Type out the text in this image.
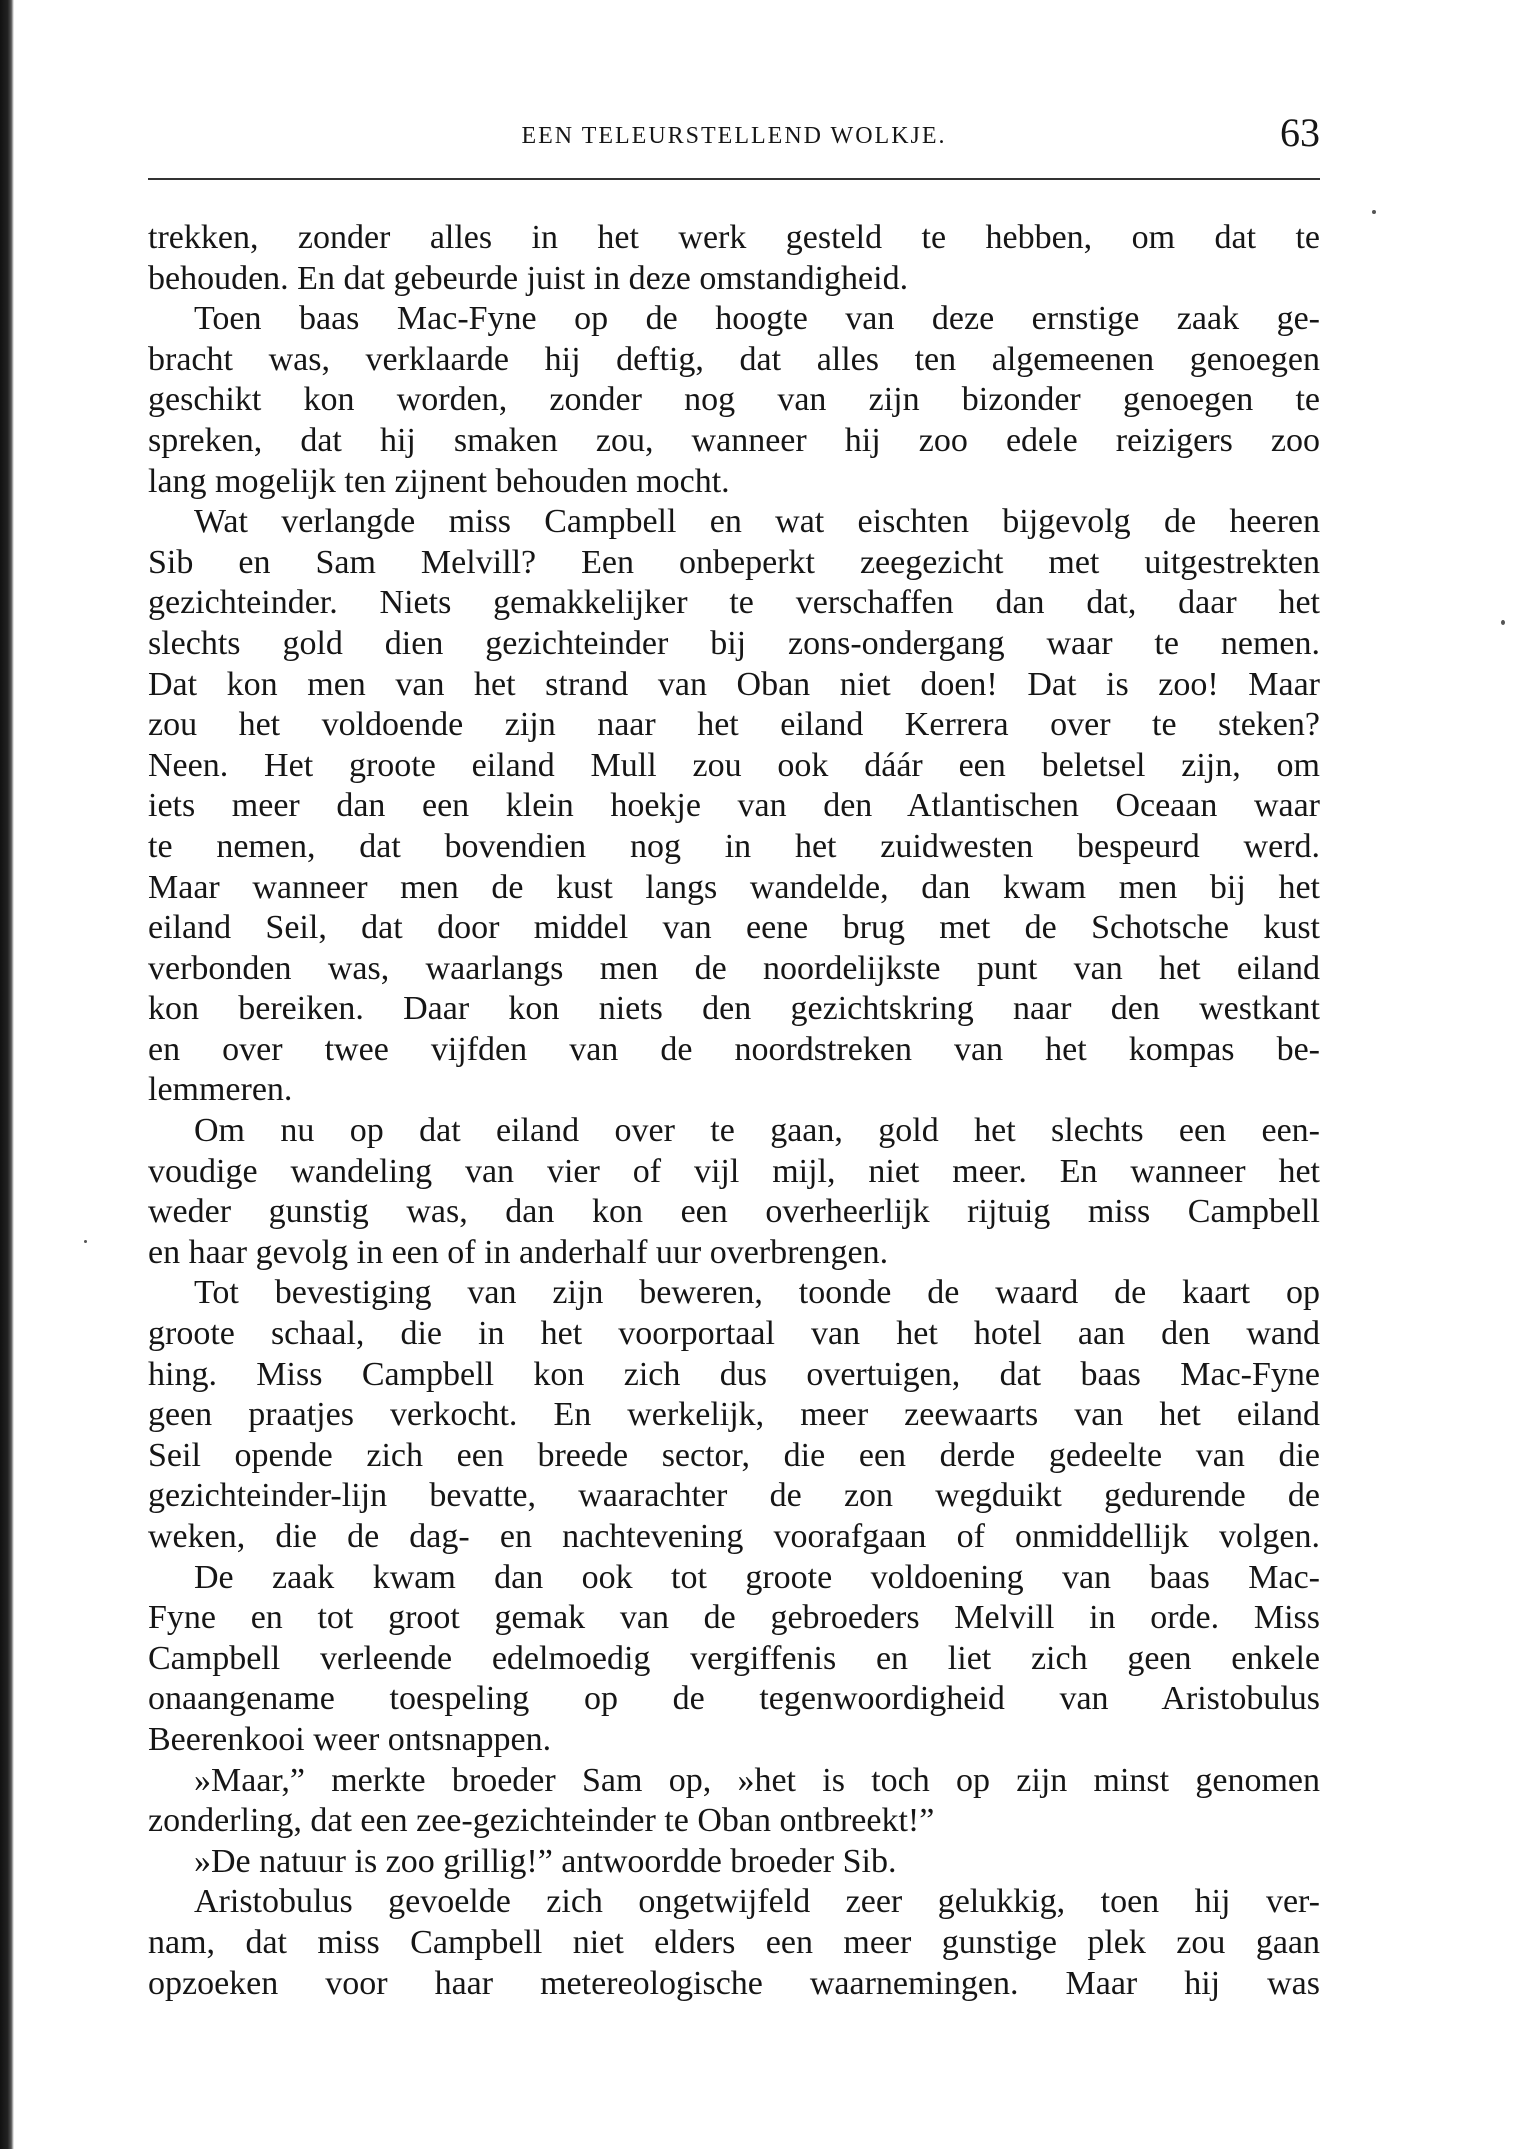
EEN TELEURSTELLEND WOLKJE.	63
trekken, zonder alles in het werk gesteld te hebben, om dat te
behouden. En dat gebeurde juist in deze omstandigheid.
Toen baas Mac-Fyne op de hoogte van deze ernstige zaak ge-
bracht was, verklaarde hij deftig, dat alles ten algemeenen genoegen
geschikt kon worden, zonder nog van zijn bizonder genoegen te
spreken, dat hij smaken zou, wanneer hij zoo edele reizigers zoo
lang mogelijk ten zijnent behouden mocht.
Wat verlangde miss Campbell en wat eischten bijgevolg de heeren
Sib en Sam Melvill? Een onbeperkt zeegezicht met uitgestrekten
gezichteinder. Niets gemakkelijker te verschaffen dan dat, daar het
slechts gold dien gezichteinder bij zons-ondergang waar te nemen.
Dat kon men van het strand van Oban niet doen! Dat is zoo! Maar
zou het voldoende zijn naar het eiland Kerrera over te steken?
Neen. Het groote eiland Mull zou ook dáár een beletsel zijn, om
iets meer dan een klein hoekje van den Atlantischen Oceaan waar
te nemen, dat bovendien nog in het zuidwesten bespeurd werd.
Maar wanneer men de kust langs wandelde, dan kwam men bij het
eiland Seil, dat door middel van eene brug met de Schotsche kust
verbonden was, waarlangs men de noordelijkste punt van het eiland
kon bereiken. Daar kon niets den gezichtskring naar den westkant
en over twee vijfden van de noordstreken van het kompas be-
lemmeren.
Om nu op dat eiland over te gaan, gold het slechts een een-
voudige wandeling van vier of vijl mijl, niet meer. En wanneer het
weder gunstig was, dan kon een overheerlijk rijtuig miss Campbell
en haar gevolg in een of in anderhalf uur overbrengen.
Tot bevestiging van zijn beweren, toonde de waard de kaart op
groote schaal, die in het voorportaal van het hotel aan den wand
hing. Miss Campbell kon zich dus overtuigen, dat baas Mac-Fyne
geen praatjes verkocht. En werkelijk, meer zeewaarts van het eiland
Seil opende zich een breede sector, die een derde gedeelte van die
gezichteinder-lijn bevatte, waarachter de zon wegduikt gedurende de
weken, die de dag- en nachtevening voorafgaan of onmiddellijk volgen.
De zaak kwam dan ook tot groote voldoening van baas Mac-
Fyne en tot groot gemak van de gebroeders Melvill in orde. Miss
Campbell verleende edelmoedig vergiffenis en liet zich geen enkele
onaangename toespeling op de tegenwoordigheid van Aristobulus
Beerenkooi weer ontsnappen.
»Maar,” merkte broeder Sam op, »het is toch op zijn minst genomen
zonderling, dat een zee-gezichteinder te Oban ontbreekt!”
»De natuur is zoo grillig!” antwoordde broeder Sib.
Aristobulus gevoelde zich ongetwijfeld zeer gelukkig, toen hij ver-
nam, dat miss Campbell niet elders een meer gunstige plek zou gaan
opzoeken voor haar metereologische waarnemingen. Maar hij was
